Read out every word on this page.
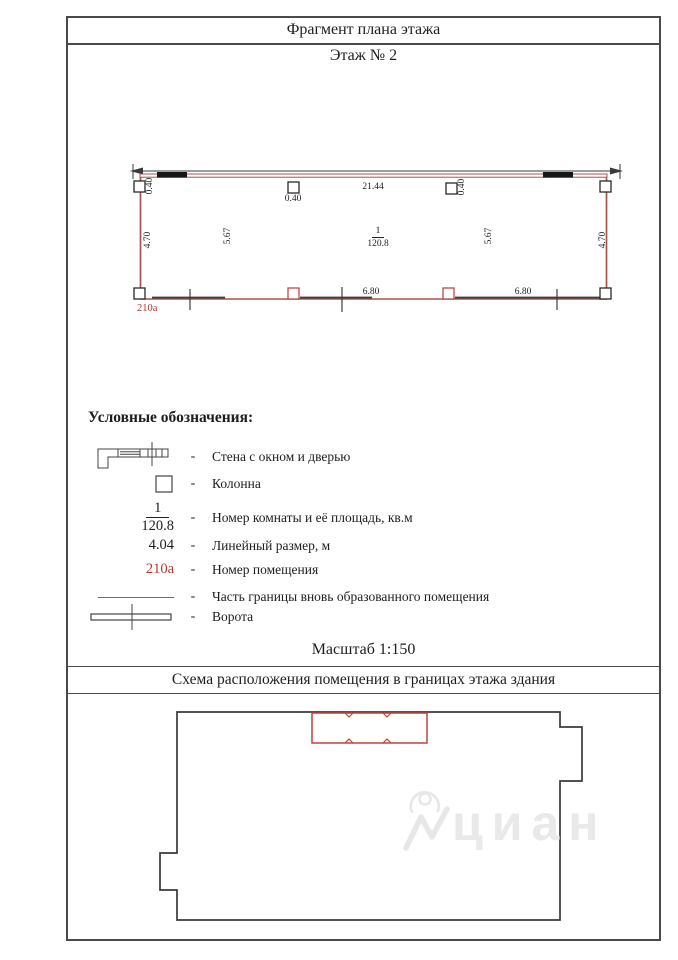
Фрагмент плана этажа
Этаж № 2
0.40	21.44
0.40
0.40
4.70	5.67	5.67	4.70
$\frac{1}{120.8}$
6.80	6.80
210а
Условные обозначения:
-	Стена с окном и дверью
-	Колонна
$\frac{1}{120.8}$	-	Номер комнаты и её площадь, кв.м
4.04	-	Линейный размер, м
210а	-	Номер помещения
-	Часть границы вновь образованного помещения
-	Ворота
Масштаб 1:150
Схема расположения помещения в границах этажа здания
циан
